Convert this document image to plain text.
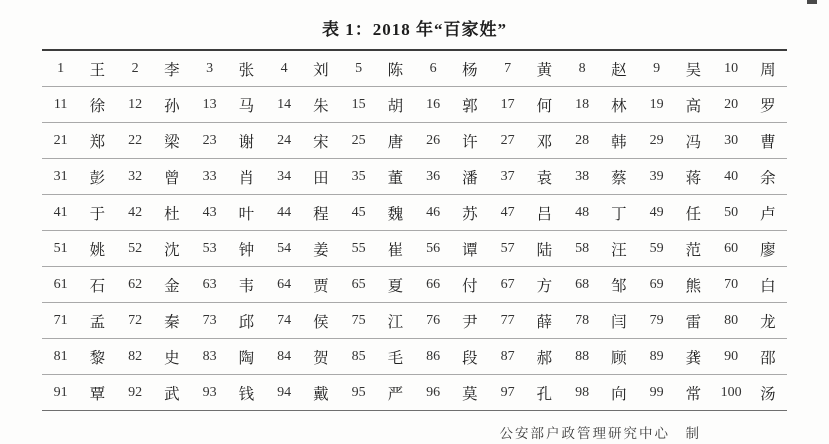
表 1：2018 年“百家姓”
1	王	2	李	3	张	4	刘	5	陈	6	杨	7	黄	8	赵	9	吴	10	周
11	徐	12	孙	13	马	14	朱	15	胡	16	郭	17	何	18	林	19	高	20	罗
21	郑	22	梁	23	谢	24	宋	25	唐	26	许	27	邓	28	韩	29	冯	30	曹
31	彭	32	曾	33	肖	34	田	35	董	36	潘	37	袁	38	蔡	39	蒋	40	余
41	于	42	杜	43	叶	44	程	45	魏	46	苏	47	吕	48	丁	49	任	50	卢
51	姚	52	沈	53	钟	54	姜	55	崔	56	谭	57	陆	58	汪	59	范	60	廖
61	石	62	金	63	韦	64	贾	65	夏	66	付	67	方	68	邹	69	熊	70	白
71	孟	72	秦	73	邱	74	侯	75	江	76	尹	77	薛	78	闫	79	雷	80	龙
81	黎	82	史	83	陶	84	贺	85	毛	86	段	87	郝	88	顾	89	龚	90	邵
91	覃	92	武	93	钱	94	戴	95	严	96	莫	97	孔	98	向	99	常	100	汤
公安部户政管理研究中心　制
